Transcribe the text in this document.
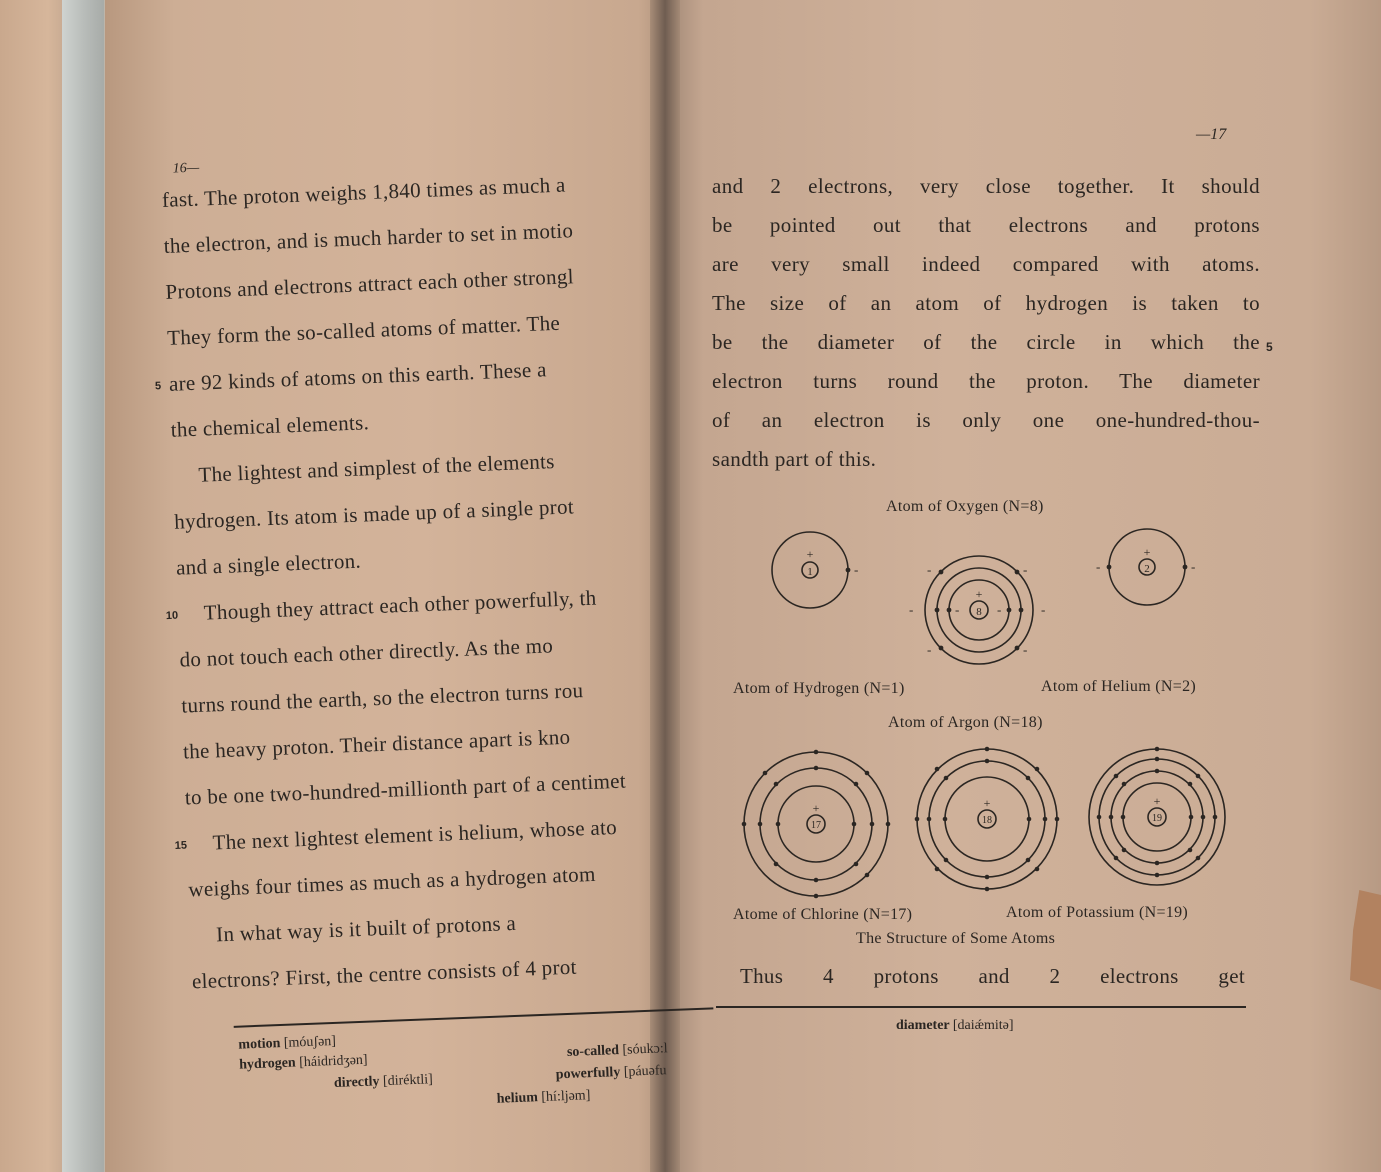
16—
fast. The proton weighs 1,840 times as much a
the electron, and is much harder to set in motio
Protons and electrons attract each other strongl
They form the so-called atoms of matter. The
5 are 92 kinds of atoms on this earth. These a
the chemical elements.
The lightest and simplest of the elements
hydrogen. Its atom is made up of a single prot
and a single electron.
10 Though they attract each other powerfully, th
do not touch each other directly. As the mo
turns round the earth, so the electron turns rou
the heavy proton. Their distance apart is kno
to be one two-hundred-millionth part of a centimet
15 The next lightest element is helium, whose ato
weighs four times as much as a hydrogen atom
In what way is it built of protons a
electrons? First, the centre consists of 4 prot
motion [móuʃən]
hydrogen [háidridʒən]
so-called [sóukɔ:l
directly [diréktli]	powerfully [páuəfu
helium [hí:ljəm]
—17
and 2 electrons, very close together. It should
be pointed out that electrons and protons
are very small indeed compared with atoms.
The size of an atom of hydrogen is taken to
be the diameter of the circle in which the
electron turns round the proton. The diameter
of an electron is only one one-hundred-thou-
sandth part of this.
5
Atom of Oxygen (N=8)
Atom of Hydrogen (N=1)	Atom of Helium (N=2)
Atom of Argon (N=18)
Atome of Chlorine (N=17)	Atom of Potassium (N=19)
The Structure of Some Atoms
1
+
-
8
+
-	-
-	-
-	-
-	-
2
+
-	-
17
+
18
+
19
+
Thus 4 protons and 2 electrons get
diameter [daiǽmitə]
